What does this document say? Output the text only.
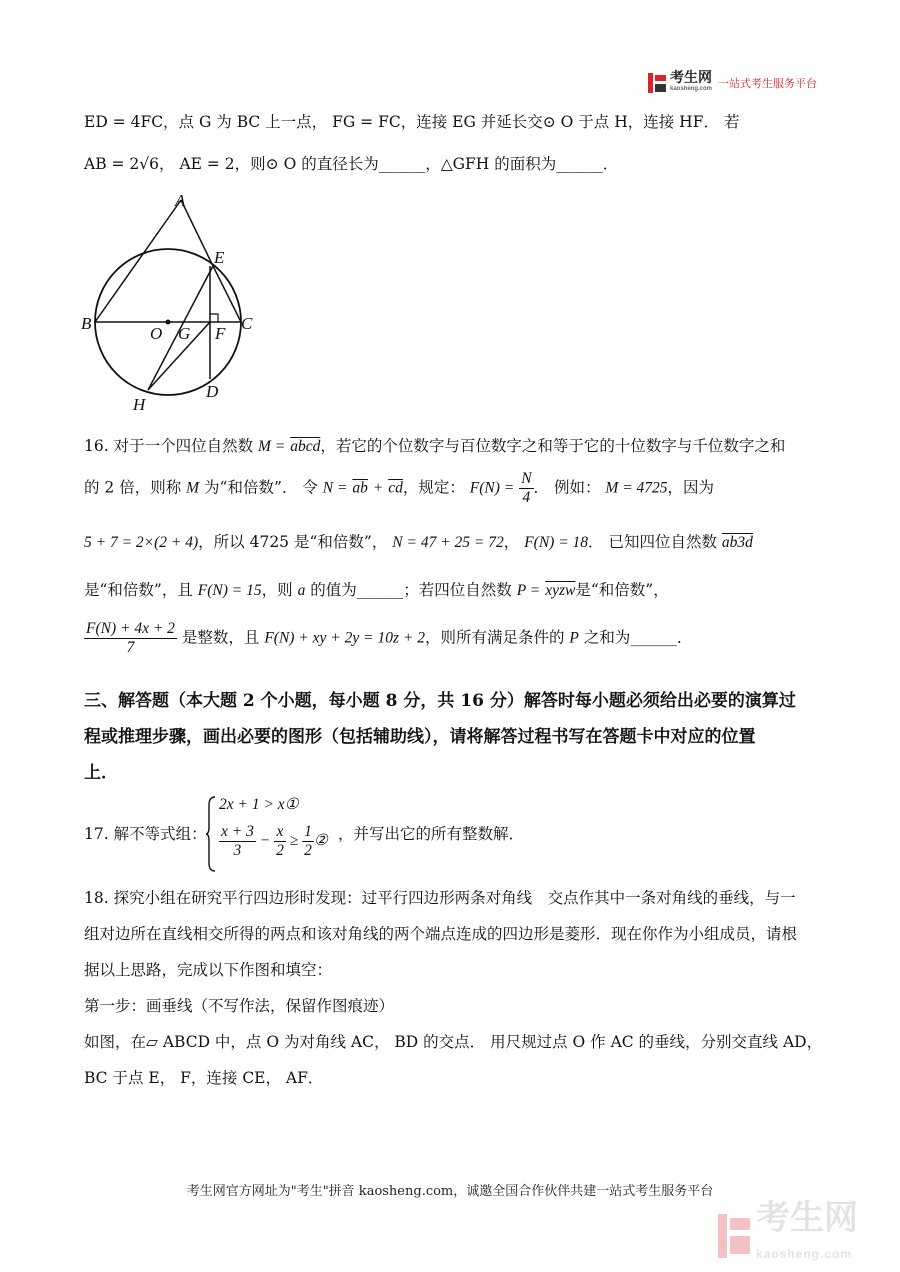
考生网
kaosheng.com 一站式考生服务平台
ED = 4FC，点 G 为 BC 上一点， FG = FC，连接 EG 并延长交⊙ O 于点 H，连接 HF． 若
AB = 2√6， AE = 2，则⊙ O 的直径长为______，△GFH 的面积为______．
A
E
B
O G F
C
D
H
16. 对于一个四位自然数 M = abcd，若它的个位数字与百位数字之和等于它的十位数字与千位数字之和
的 2 倍，则称 M 为“和倍数”． 令 $N = \overline{ab} + \overline{cd}$，规定： $F(N) = \frac{N}{4}$ ． 例如： M = 4725，因为
5 + 7 = 2×(2 + 4)，所以 4725 是“和倍数”， N = 47 + 25 = 72， F(N) = 18． 已知四位自然数 ab3d
是“和倍数”，且 F(N) = 15，则 a 的值为______；若四位自然数 P = xyzw是“和倍数”，
$\frac{F(N) + 4x + 2}{7}$ 是整数，且 F(N) + xy + 2y = 10z + 2，则所有满足条件的 P 之和为______．
三、解答题（本大题 2 个小题，每小题 8 分，共 16 分）解答时每小题必须给出必要的演算过
程或推理步骤，画出必要的图形（包括辅助线），请将解答过程书写在答题卡中对应的位置
上．
17. 解不等式组：
2x + 1 > x①
$\frac{x + 3}{3} - \frac{x}{2} \ge \frac{1}{2}$ ② ，并写出它的所有整数解．
18. 探究小组在研究平行四边形时发现：过平行四边形两条对角线　交点作其中一条对角线的垂线，与一
组对边所在直线相交所得的两点和该对角线的两个端点连成的四边形是菱形．现在你作为小组成员，请根
据以上思路，完成以下作图和填空：
第一步：画垂线（不写作法，保留作图痕迹）
如图，在▱ ABCD 中，点 O 为对角线 AC， BD 的交点． 用尺规过点 O 作 AC 的垂线，分别交直线 AD，
BC 于点 E， F，连接 CE， AF．
考生网官方网址为"考生"拼音 kaosheng.com，诚邀全国合作伙伴共建一站式考生服务平台
考生网
kaosheng.com
